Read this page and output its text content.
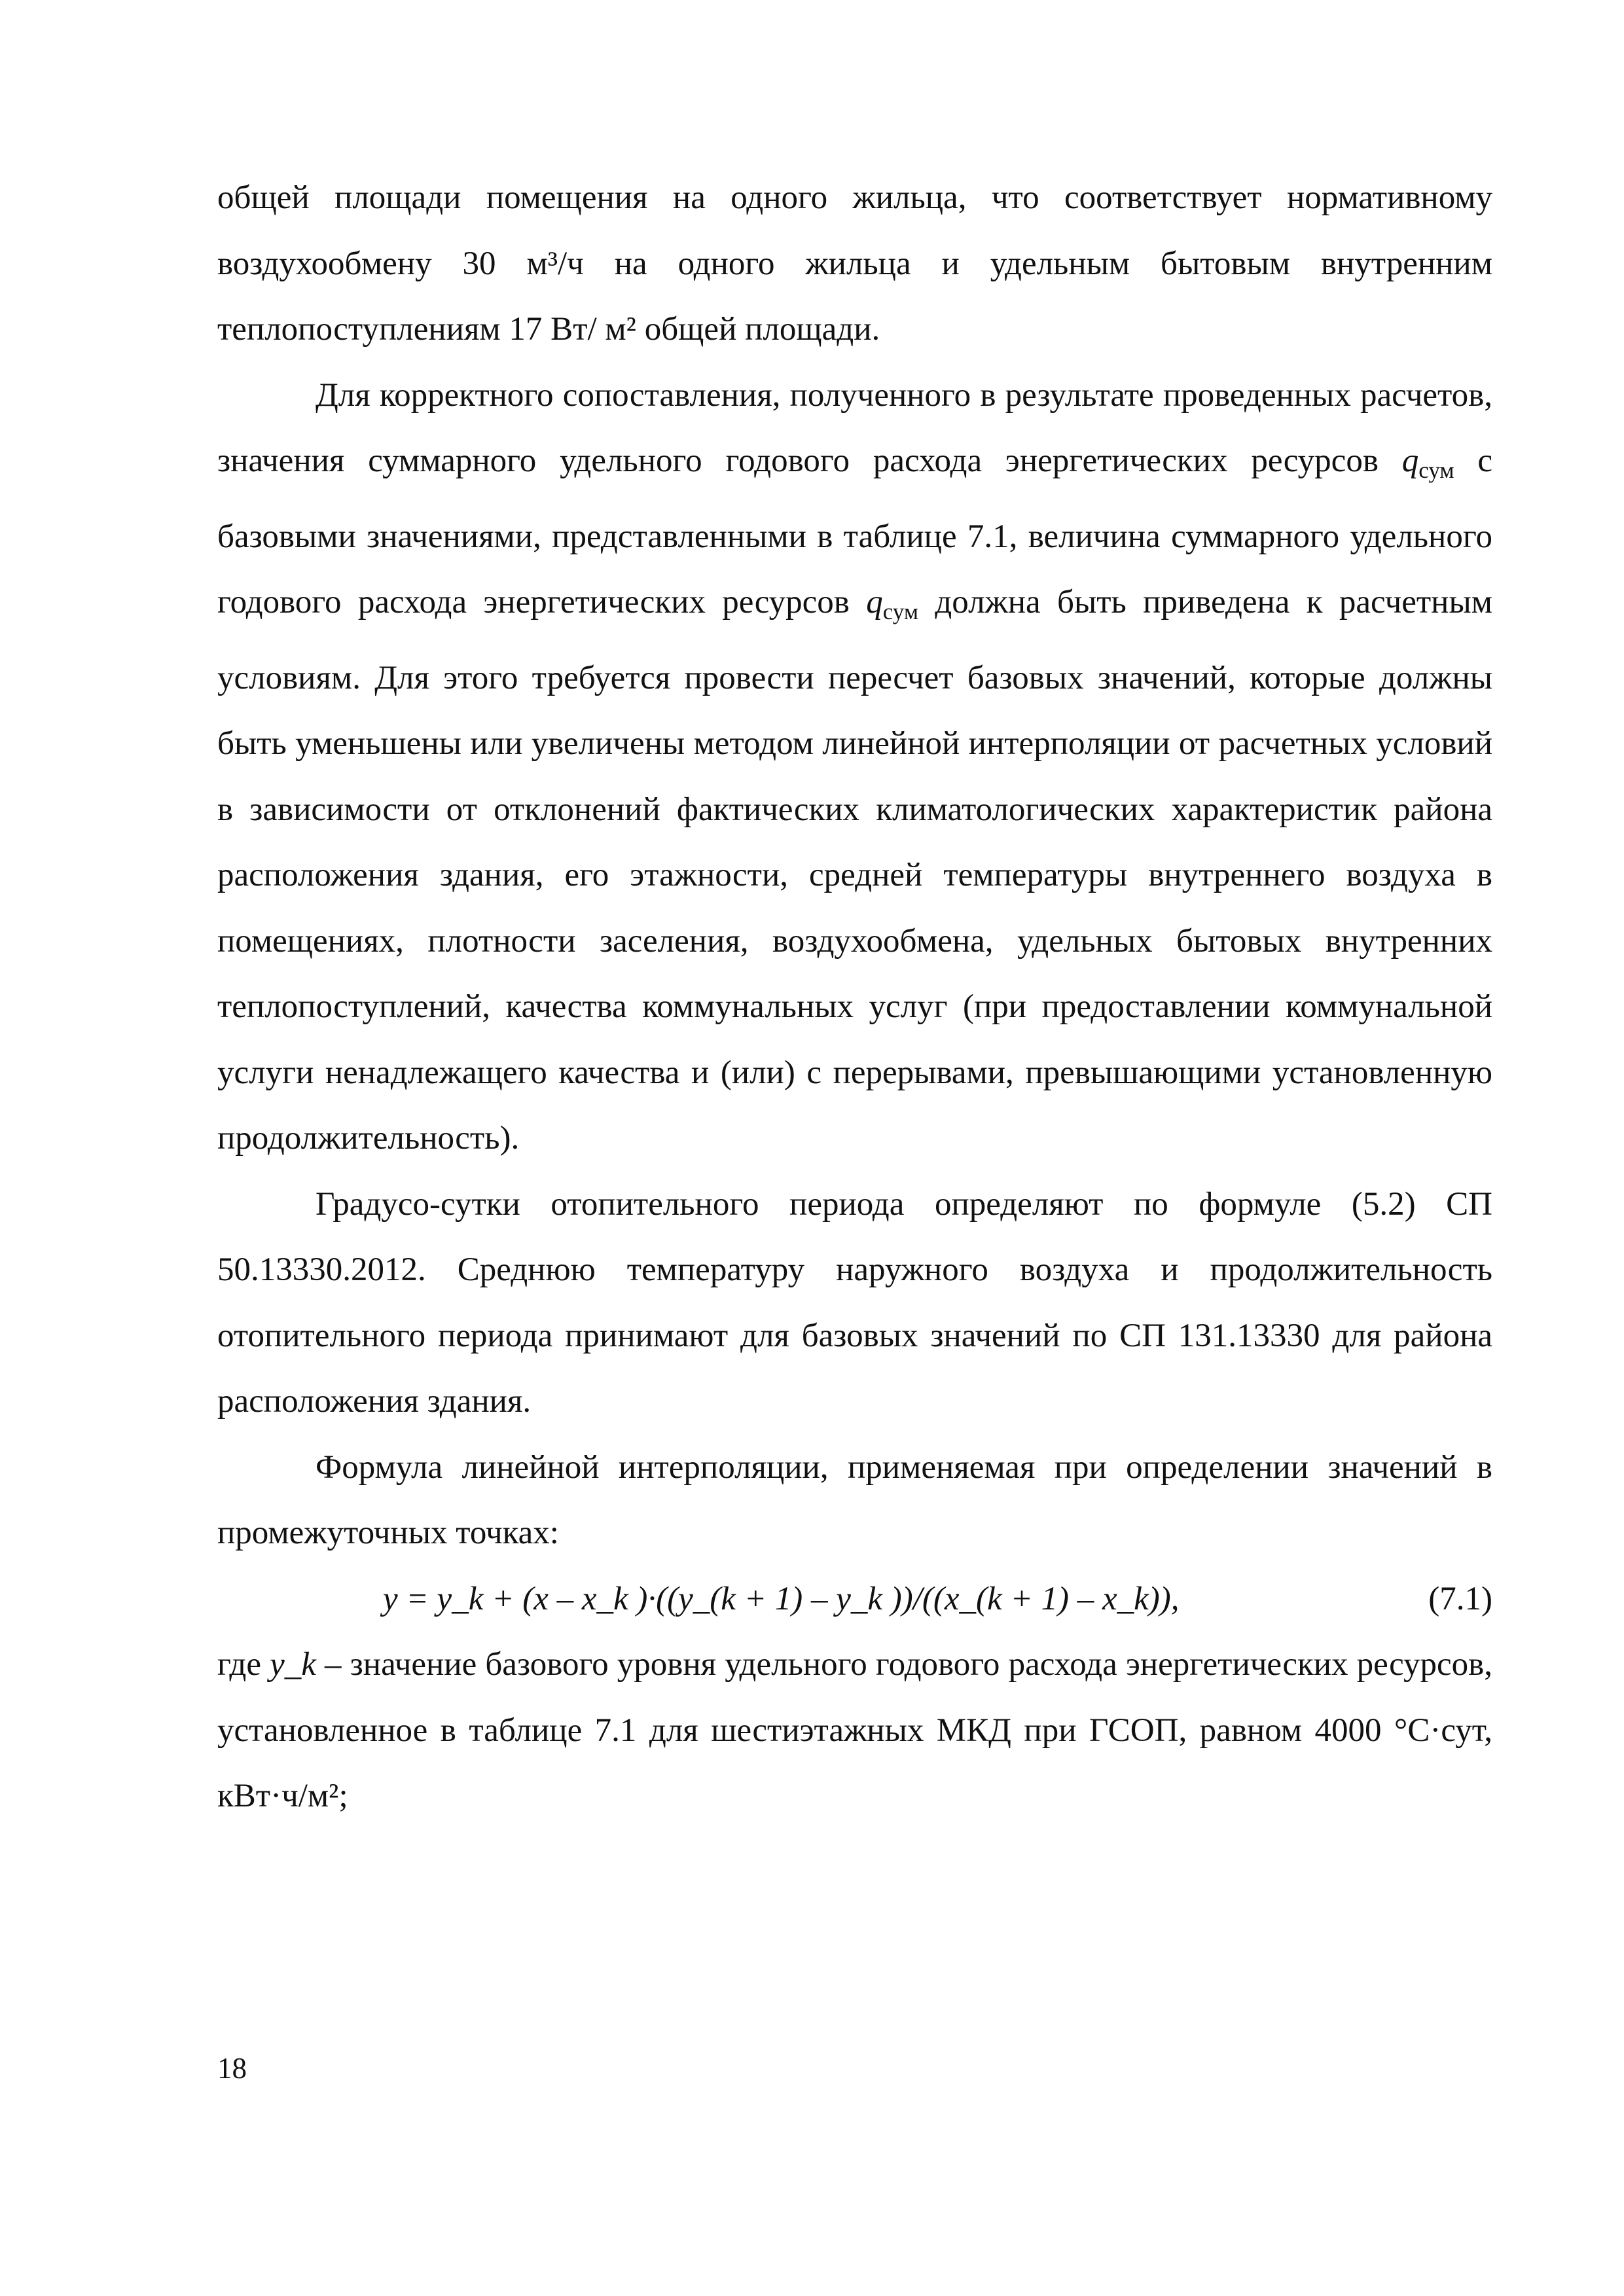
общей площади помещения на одного жильца, что соответствует нормативному воздухообмену 30 м³/ч на одного жильца и удельным бытовым внутренним теплопоступлениям 17 Вт/ м² общей площади.

Для корректного сопоставления, полученного в результате проведенных расчетов, значения суммарного удельного годового расхода энергетических ресурсов $q_{сум}$ с базовыми значениями, представленными в таблице 7.1, величина суммарного удельного годового расхода энергетических ресурсов $q_{сум}$ должна быть приведена к расчетным условиям. Для этого требуется провести пересчет базовых значений, которые должны быть уменьшены или увеличены методом линейной интерполяции от расчетных условий в зависимости от отклонений фактических климатологических характеристик района расположения здания, его этажности, средней температуры внутреннего воздуха в помещениях, плотности заселения, воздухообмена, удельных бытовых внутренних теплопоступлений, качества коммунальных услуг (при предоставлении коммунальной услуги ненадлежащего качества и (или) с перерывами, превышающими установленную продолжительность).

Градусо-сутки отопительного периода определяют по формуле (5.2) СП 50.13330.2012. Среднюю температуру наружного воздуха и продолжительность отопительного периода принимают для базовых значений по СП 131.13330 для района расположения здания.

Формула линейной интерполяции, применяемая при определении значений в промежуточных точках:

y = y_k + (x – x_k )·((y_(k + 1) – y_k ))/((x_(k + 1) – x_k)),	(7.1)

где y_k – значение базового уровня удельного годового расхода энергетических ресурсов, установленное в таблице 7.1 для шестиэтажных МКД при ГСОП, равном 4000 °С·сут, кВт·ч/м²;

18
